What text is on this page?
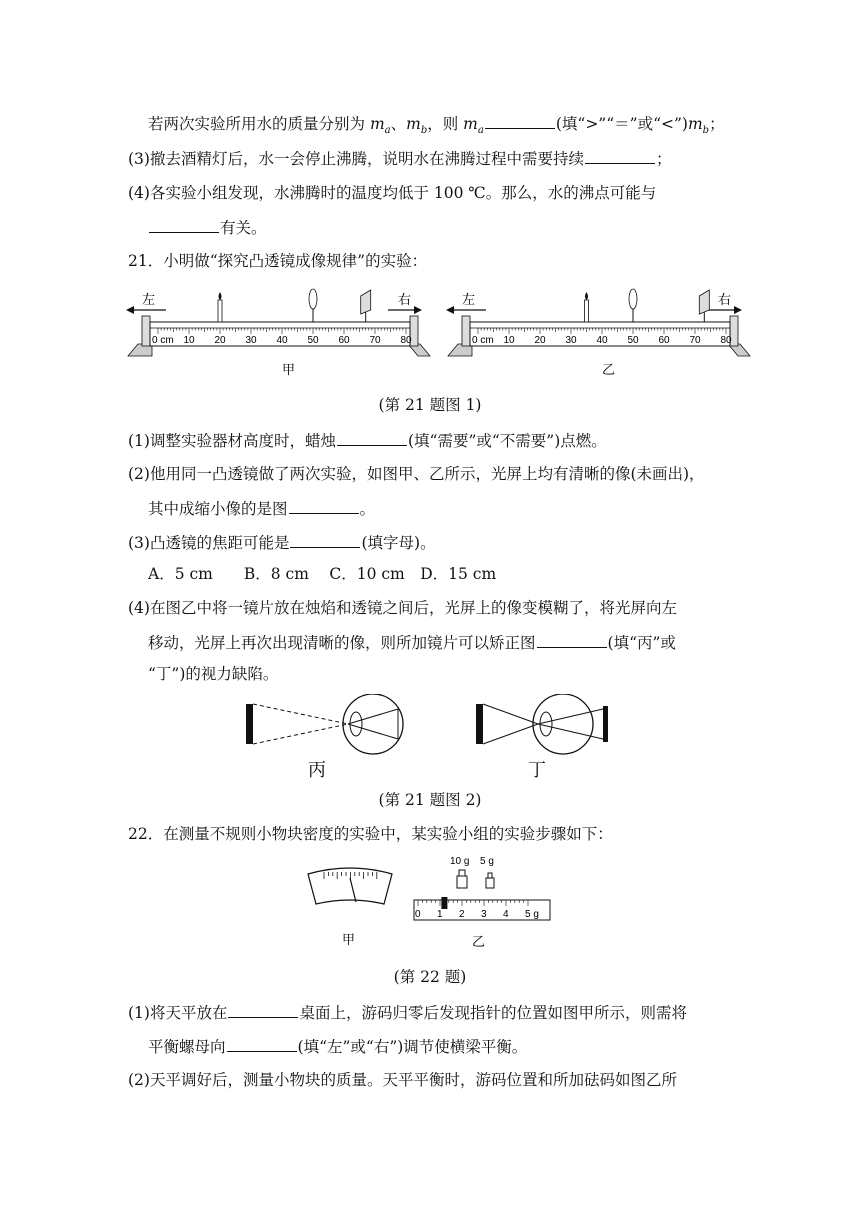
若两次实验所用水的质量分别为 $m_a$、$m_b$，则 $m_a$	(填“>”“＝”或“$<”)m_b$；
(3)撤去酒精灯后，水一会停止沸腾，说明水在沸腾过程中需要持续	；
(4)各实验小组发现，水沸腾时的温度均低于 100 ℃。那么，水的沸点可能与
有关。
21．小明做“探究凸透镜成像规律”的实验：
左	右
0 cm 10 20 30 40 50 60 70 80
甲
左	右
0 cm 10 20 30 40 50 60 70 80
乙
(第 21 题图 1)
(1)调整实验器材高度时，蜡烛	(填“需要”或“不需要”)点燃。
(2)他用同一凸透镜做了两次实验，如图甲、乙所示，光屏上均有清晰的像(未画出)，
其中成缩小像的是图	。
(3)凸透镜的焦距可能是	(填字母)。
A．5 cm　　B．8 cm　 C．10 cm　D．15 cm
(4)在图乙中将一镜片放在烛焰和透镜之间后，光屏上的像变模糊了，将光屏向左
移动，光屏上再次出现清晰的像，则所加镜片可以矫正图	(填“丙”或
“丁”)的视力缺陷。
丙	丁
(第 21 题图 2)
22．在测量不规则小物块密度的实验中，某实验小组的实验步骤如下：
甲
10 g 5 g
0 1 2 3 4 5 g
乙
(第 22 题)
(1)将天平放在	桌面上，游码归零后发现指针的位置如图甲所示，则需将
平衡螺母向	(填“左”或“右”)调节使横梁平衡。
(2)天平调好后，测量小物块的质量。天平平衡时，游码位置和所加砝码如图乙所
